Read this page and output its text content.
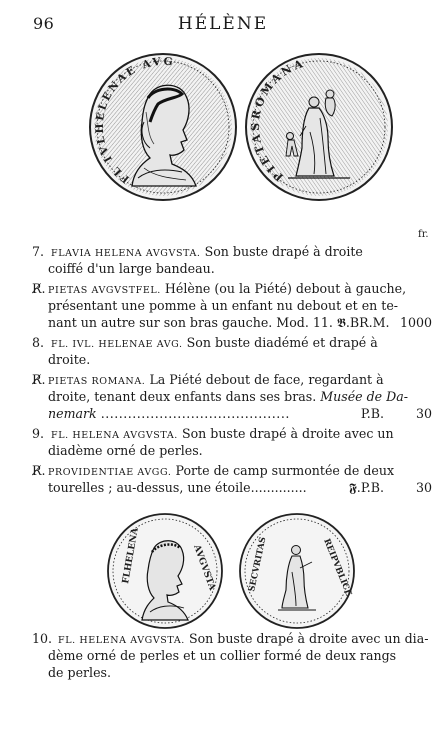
96	HÉLÈNE
FL IVLHELENAE AVG
PIETASROMANA
fr.
7. FLAVIA HELENA AVGVSTA. Son buste drapé à droite
coiffé d'un large bandeau.
R̸. PIETAS AVGVSTFEL. Hélène (ou la Piété) debout à gauche,
présentant une pomme à un enfant nu debout et en te-
nant un autre sur son bras gauche. Mod. 11. 𝕭.BR.M. 1000
8. FL. IVL. HELENAE AVG. Son buste diadémé et drapé à
droite.
R̸. PIETAS ROMANA. La Piété debout de face, regardant à
droite, tenant deux enfants dans ses bras. Musée de Da-
nemark ..........................................	P.B.	30
9. FL. HELENA AVGVSTA. Son buste drapé à droite avec un
diadème orné de perles.
R̸. PROVIDENTIAE AVGG. Porte de camp surmontée de deux
tourelles ; au-dessus, une étoile..............	𝕱.P.B.	30
FLHELENA	AVGVSTA	SECVRITAS	REIPVBLICE
10. FL. HELENA AVGVSTA. Son buste drapé à droite avec un dia-
dème orné de perles et un collier formé de deux rangs
de perles.
